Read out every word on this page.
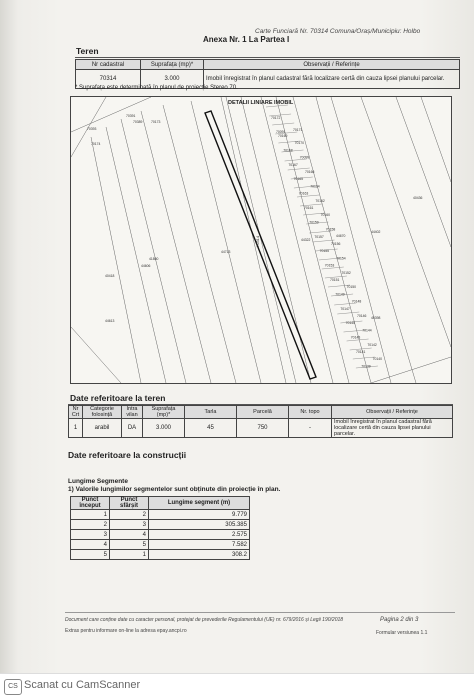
Carte Funciară Nr. 70314 Comuna/Oraș/Municipiu: Holbo
Anexa Nr. 1 La Partea I
Teren
Nr cadastral	Suprafața (mp)*	Observații / Referințe
70314	3.000	Imobil înregistrat în planul cadastral fără localizare certă din cauza lipsei planului parcelar.
* Suprafața este determinată în planul de proiecție Stereo 70.
DETALII LINIARE IMOBIL
70391
70389
70393
70174
70173
70172
70091 70171
70169
70170
70168
70099
70167
70166
70165
70164
70163
70162
70161
70160
70159
70158
70157
70156
70155
70154
70153
70152
70151
70150
70149
70148
70147
70146
70145
70144
70143
70142
70141
70140
70139
44713
44322
44670
44402
40436
40418
44613
44606
41860
40398
70314
Date referitoare la teren
Nr Crt	Categorie folosință	Intra vilan	Suprafața (mp)*	Tarla	Parcelă	Nr. topo	Observații / Referințe
1	arabil	DA	3.000	45	750	-	Imobil înregistrat în planul cadastral fără localizare certă din cauza lipsei planului parcelar.
Date referitoare la construcții
Lungime Segmente
1) Valorile lungimilor segmentelor sunt obținute din proiecție în plan.
Punct început	Punct sfârșit	Lungime segment (m)
1	2	9.779
2	3	305.385
3	4	2.575
4	5	7.582
5	1	308.2
Document care conține date cu caracter personal, protejat de prevederile Regulamentului (UE) nr. 679/2016 și Legii 190/2018	Pagina 2 din 3
Extras pentru informare on-line la adresa epay.ancpi.ro	Formular versiunea 1.1
CS Scanat cu CamScanner
